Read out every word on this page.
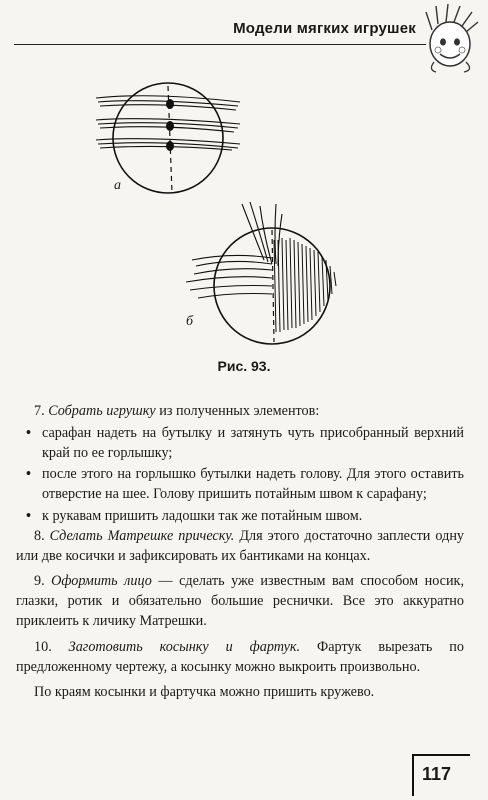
Модели мягких игрушек
а
б
Рис. 93.

7. Собрать игрушку из полученных элементов:

• сарафан надеть на бутылку и затянуть чуть присобранный верхний край по ее горлышку;
• после этого на горлышко бутылки надеть голову. Для этого оставить отверстие на шее. Голову пришить потайным швом к сарафану;
• к рукавам пришить ладошки так же потайным швом.

8. Сделать Матрешке прическу. Для этого достаточно заплести одну или две косички и зафиксировать их бантиками на концах.

9. Оформить лицо — сделать уже известным вам способом носик, глазки, ротик и обязательно большие реснички. Все это аккуратно приклеить к личику Матрешки.

10. Заготовить косынку и фартук. Фартук вырезать по предложенному чертежу, а косынку можно выкроить произвольно.

По краям косынки и фартучка можно пришить кружево.

117
